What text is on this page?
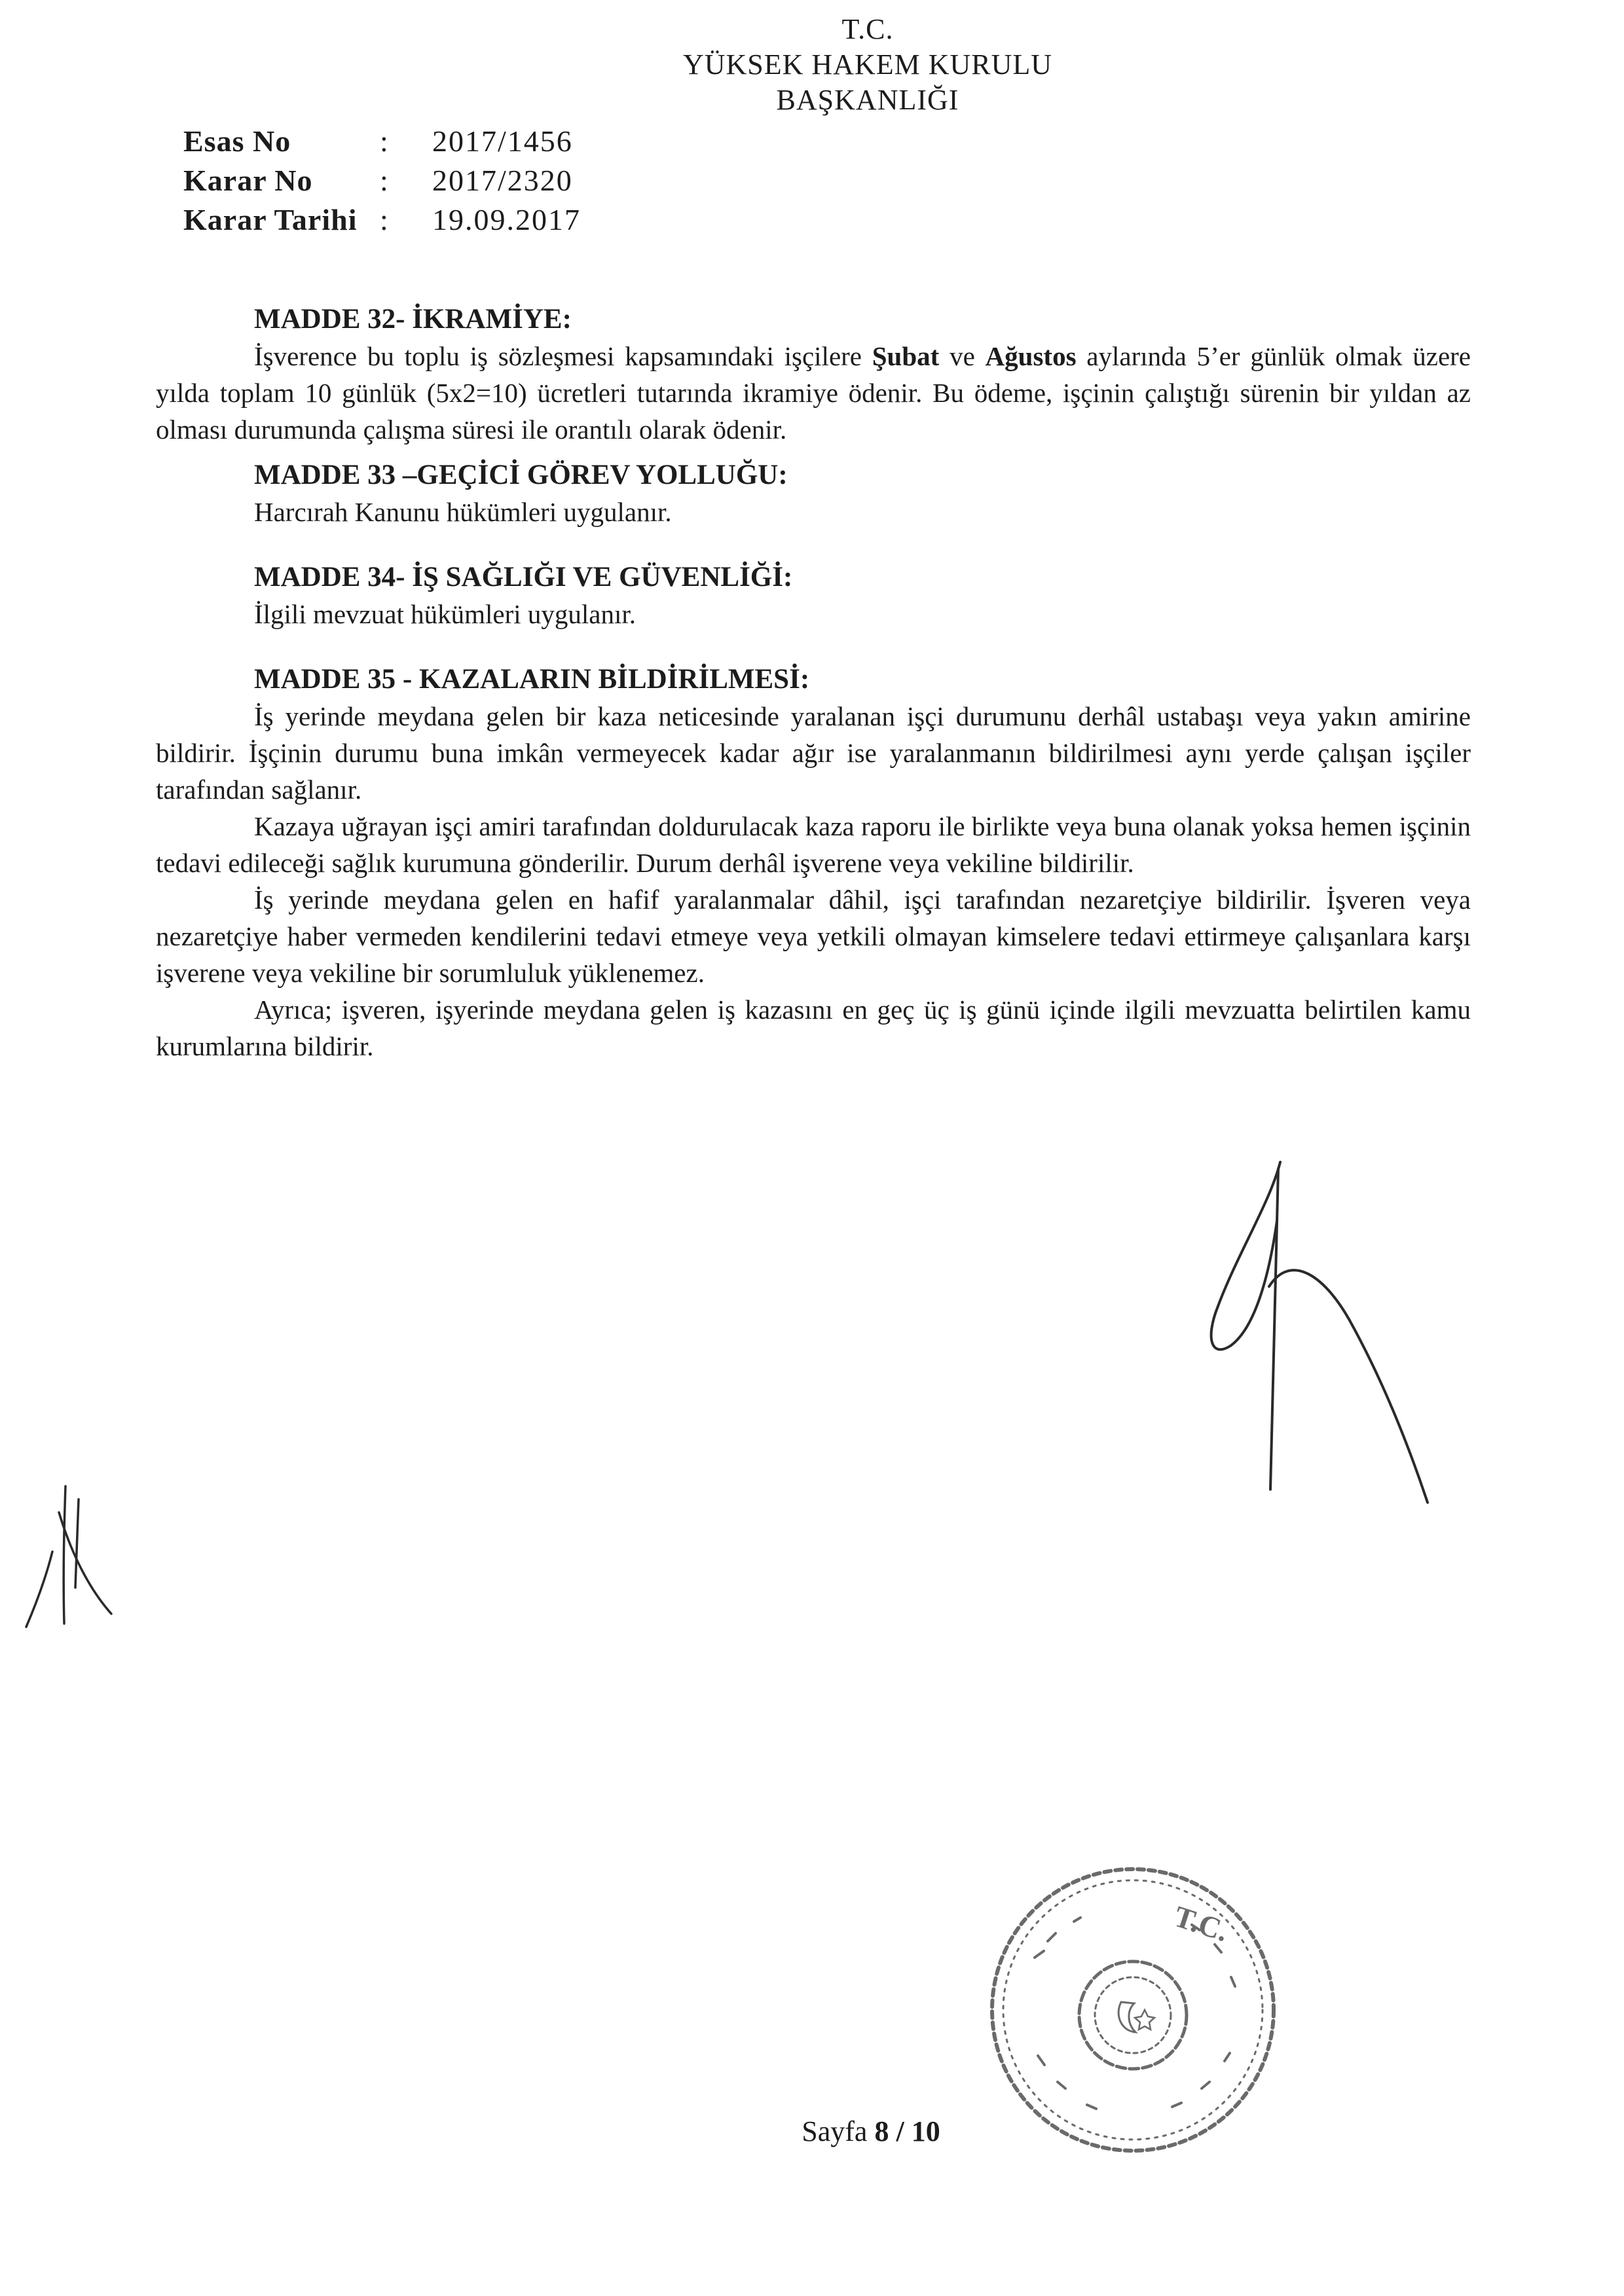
T.C.
YÜKSEK HAKEM KURULU
BAŞKANLIĞI
Esas No	:	2017/1456
Karar No	:	2017/2320
Karar Tarihi :	19.09.2017
MADDE 32- İKRAMİYE:

İşverence bu toplu iş sözleşmesi kapsamındaki işçilere Şubat ve Ağustos aylarında 5’er günlük olmak üzere yılda toplam 10 günlük (5x2=10) ücretleri tutarında ikramiye ödenir. Bu ödeme, işçinin çalıştığı sürenin bir yıldan az olması durumunda çalışma süresi ile orantılı olarak ödenir.

MADDE 33 –GEÇİCİ GÖREV YOLLUĞU:
Harcırah Kanunu hükümleri uygulanır.
MADDE 34- İŞ SAĞLIĞI VE GÜVENLİĞİ:
İlgili mevzuat hükümleri uygulanır.
MADDE 35 - KAZALARIN BİLDİRİLMESİ:

İş yerinde meydana gelen bir kaza neticesinde yaralanan işçi durumunu derhâl ustabaşı veya yakın amirine bildirir. İşçinin durumu buna imkân vermeyecek kadar ağır ise yaralanmanın bildirilmesi aynı yerde çalışan işçiler tarafından sağlanır.

Kazaya uğrayan işçi amiri tarafından doldurulacak kaza raporu ile birlikte veya buna olanak yoksa hemen işçinin tedavi edileceği sağlık kurumuna gönderilir. Durum derhâl işverene veya vekiline bildirilir.

İş yerinde meydana gelen en hafif yaralanmalar dâhil, işçi tarafından nezaretçiye bildirilir. İşveren veya nezaretçiye haber vermeden kendilerini tedavi etmeye veya yetkili olmayan kimselere tedavi ettirmeye çalışanlara karşı işverene veya vekiline bir sorumluluk yüklenemez.

Ayrıca; işveren, işyerinde meydana gelen iş kazasını en geç üç iş günü içinde ilgili mevzuatta belirtilen kamu kurumlarına bildirir.

T.C.
Sayfa 8 / 10
